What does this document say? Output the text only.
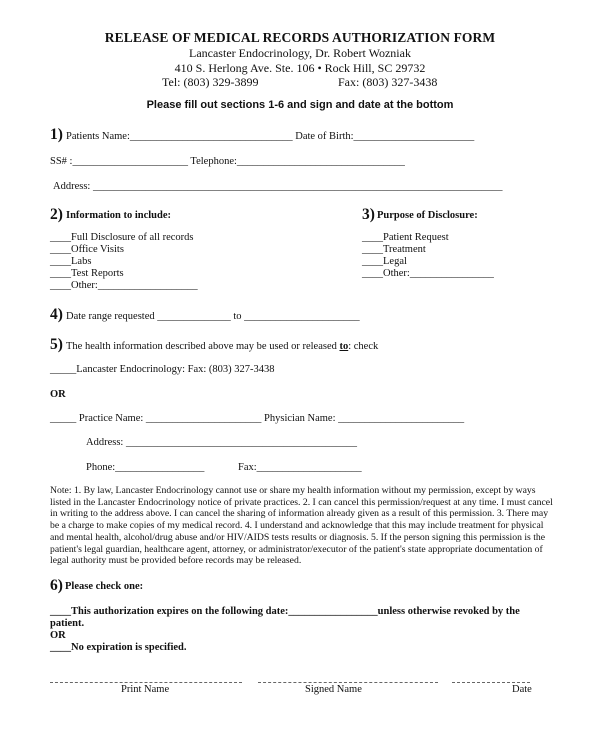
RELEASE OF MEDICAL RECORDS AUTHORIZATION FORM
Lancaster Endocrinology, Dr. Robert Wozniak
410 S. Herlong Ave. Ste. 106 • Rock Hill, SC 29732
Tel: (803) 329-3899	Fax: (803) 327-3438
Please fill out sections 1-6 and sign and date at the bottom
1) Patients Name:_______________________________ Date of Birth:_______________________
SS# :______________________ Telephone:________________________________
Address: ______________________________________________________________________________
2) Information to include:
____Full Disclosure of all records
____Office Visits
____Labs
____Test Reports
____Other:___________________
3) Purpose of Disclosure:
____Patient Request
____Treatment
____Legal
____Other:________________
4) Date range requested ______________ to ______________________
5) The health information described above may be used or released to: check
_____Lancaster Endocrinology: Fax: (803) 327-3438
OR
_____ Practice Name: ______________________ Physician Name: ________________________
Address: ____________________________________________
Phone:_________________	Fax:____________________
Note: 1. By law, Lancaster Endocrinology cannot use or share my health information without my permission, except by ways listed in the Lancaster Endocrinology notice of private practices. 2. I can cancel this permission/request at any time. I must cancel in writing to the address above. I can cancel the sharing of information already given as a result of this permission. 3. There may be a charge to make copies of my medical record. 4. I understand and acknowledge that this may include treatment for physical and mental health, alcohol/drug abuse and/or HIV/AIDS tests results or diagnosis. 5. If the person signing this permission is the patient's legal guardian, healthcare agent, attorney, or administrator/executor of the patient's state appropriate documentation of legal authority must be provided before records may be released.
6) Please check one:
____This authorization expires on the following date:_________________unless otherwise revoked by the
patient.
OR
____No expiration is specified.
Print Name	Signed Name	Date
